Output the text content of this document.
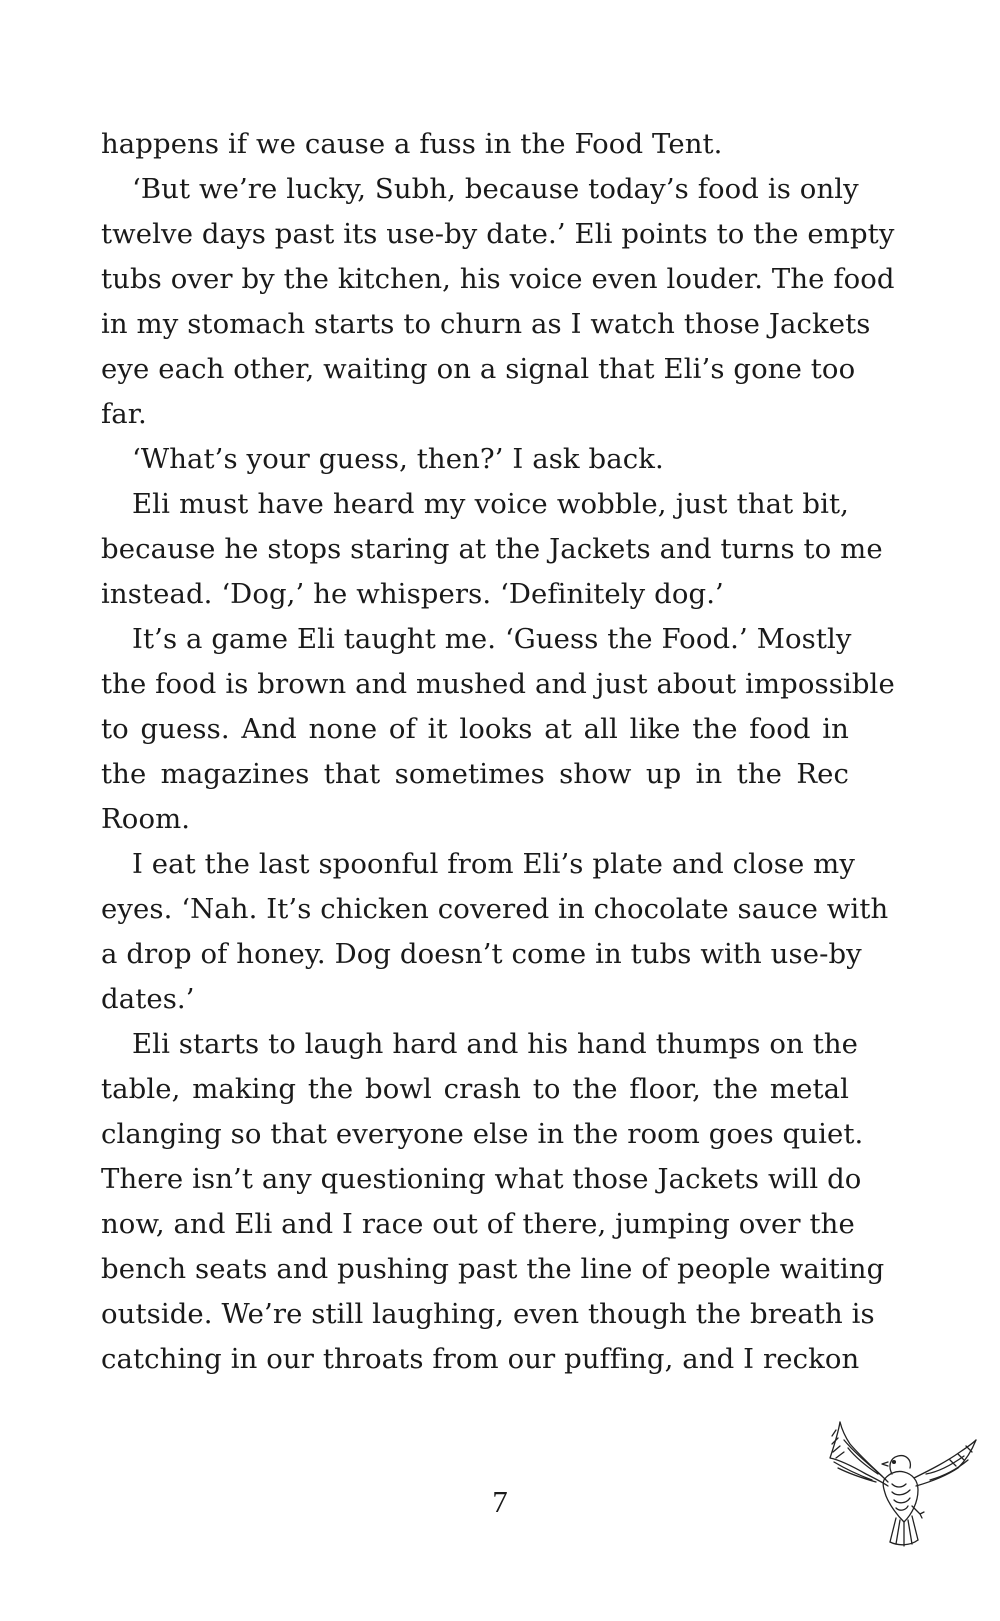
happens if we cause a fuss in the Food Tent.
‘But we’re lucky, Subh, because today’s food is only
twelve days past its use-by date.’ Eli points to the empty
tubs over by the kitchen, his voice even louder. The food
in my stomach starts to churn as I watch those Jackets
eye each other, waiting on a signal that Eli’s gone too
far.
‘What’s your guess, then?’ I ask back.
Eli must have heard my voice wobble, just that bit,
because he stops staring at the Jackets and turns to me
instead. ‘Dog,’ he whispers. ‘Definitely dog.’
It’s a game Eli taught me. ‘Guess the Food.’ Mostly
the food is brown and mushed and just about impossible
to guess. And none of it looks at all like the food in
the magazines that sometimes show up in the Rec
Room.
I eat the last spoonful from Eli’s plate and close my
eyes. ‘Nah. It’s chicken covered in chocolate sauce with
a drop of honey. Dog doesn’t come in tubs with use-by
dates.’
Eli starts to laugh hard and his hand thumps on the
table, making the bowl crash to the floor, the metal
clanging so that everyone else in the room goes quiet.
There isn’t any questioning what those Jackets will do
now, and Eli and I race out of there, jumping over the
bench seats and pushing past the line of people waiting
outside. We’re still laughing, even though the breath is
catching in our throats from our puffing, and I reckon
7
